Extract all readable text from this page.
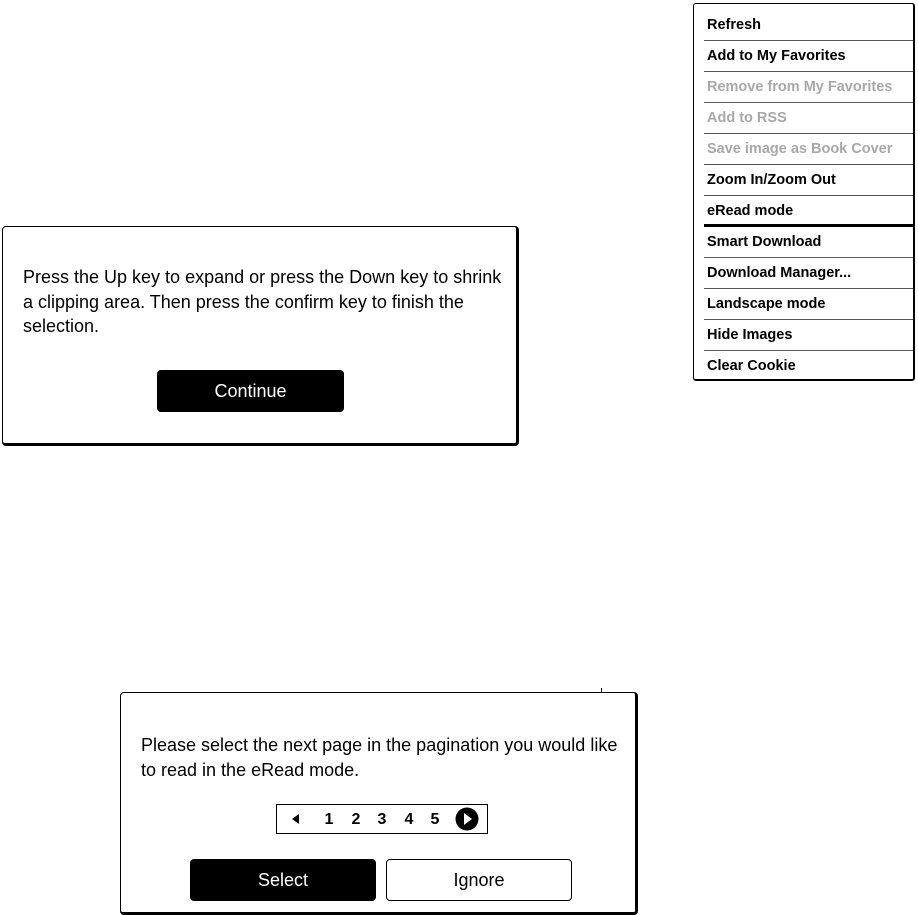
Refresh
Add to My Favorites
Remove from My Favorites
Add to RSS
Save image as Book Cover
Zoom In/Zoom Out
eRead mode
Smart Download
Download Manager...
Landscape mode
Hide Images
Clear Cookie
Press the Up key to expand or press the Down key to shrink a clipping area. Then press the confirm key to finish the selection.
Continue
Please select the next page in the pagination you would like to read in the eRead mode.
1 2 3 4 5
Select	Ignore
